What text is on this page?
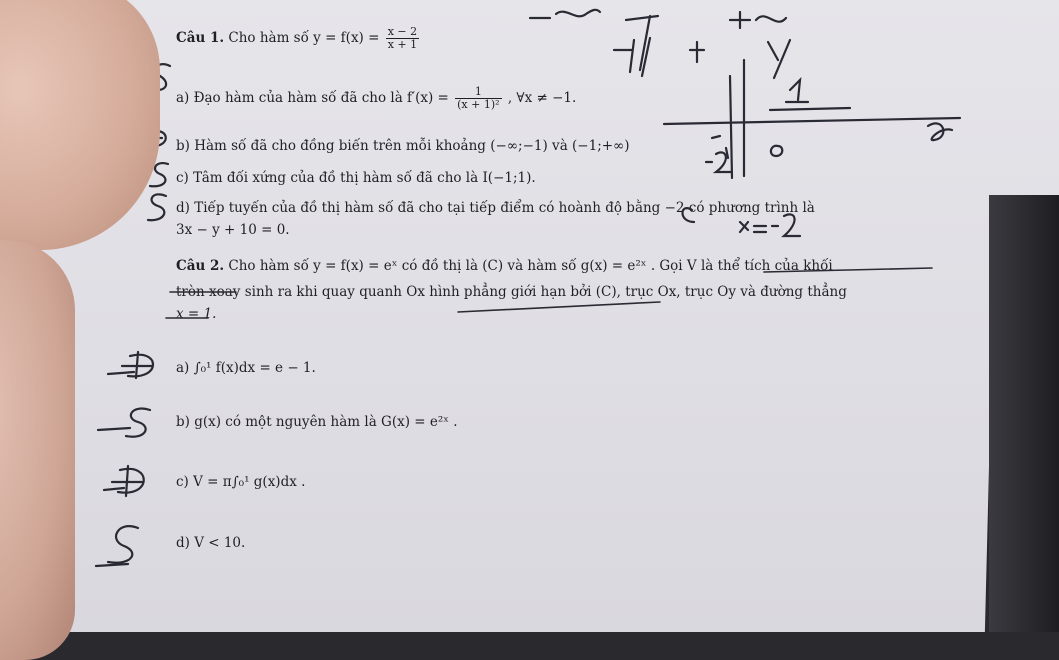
Câu 1. Cho hàm số $y = f(x) = \frac{x - 2}{x + 1}$
a) Đạo hàm của hàm số đã cho là $f'(x) = \frac{1}{\text{(x + 1)²}}$ , ∀x ≠ −1.
b) Hàm số đã cho đồng biến trên mỗi khoảng (−∞;−1) và (−1;+∞)
c) Tâm đối xứng của đồ thị hàm số đã cho là I(−1;1).
d) Tiếp tuyến của đồ thị hàm số đã cho tại tiếp điểm có hoành độ bằng −2 có phương trình là
3x − y + 10 = 0.
Câu 2. Cho hàm số y = f(x) = eˣ có đồ thị là (C) và hàm số g(x) = e²ˣ . Gọi V là thể tích của khối
tròn xoay sinh ra khi quay quanh Ox hình phẳng giới hạn bởi (C), trục Ox, trục Oy và đường thẳng
x = 1.
a) ∫₀¹ f(x)dx = e − 1.
b) g(x) có một nguyên hàm là G(x) = e²ˣ .
c) V = π∫₀¹ g(x)dx .
d) V < 10.
